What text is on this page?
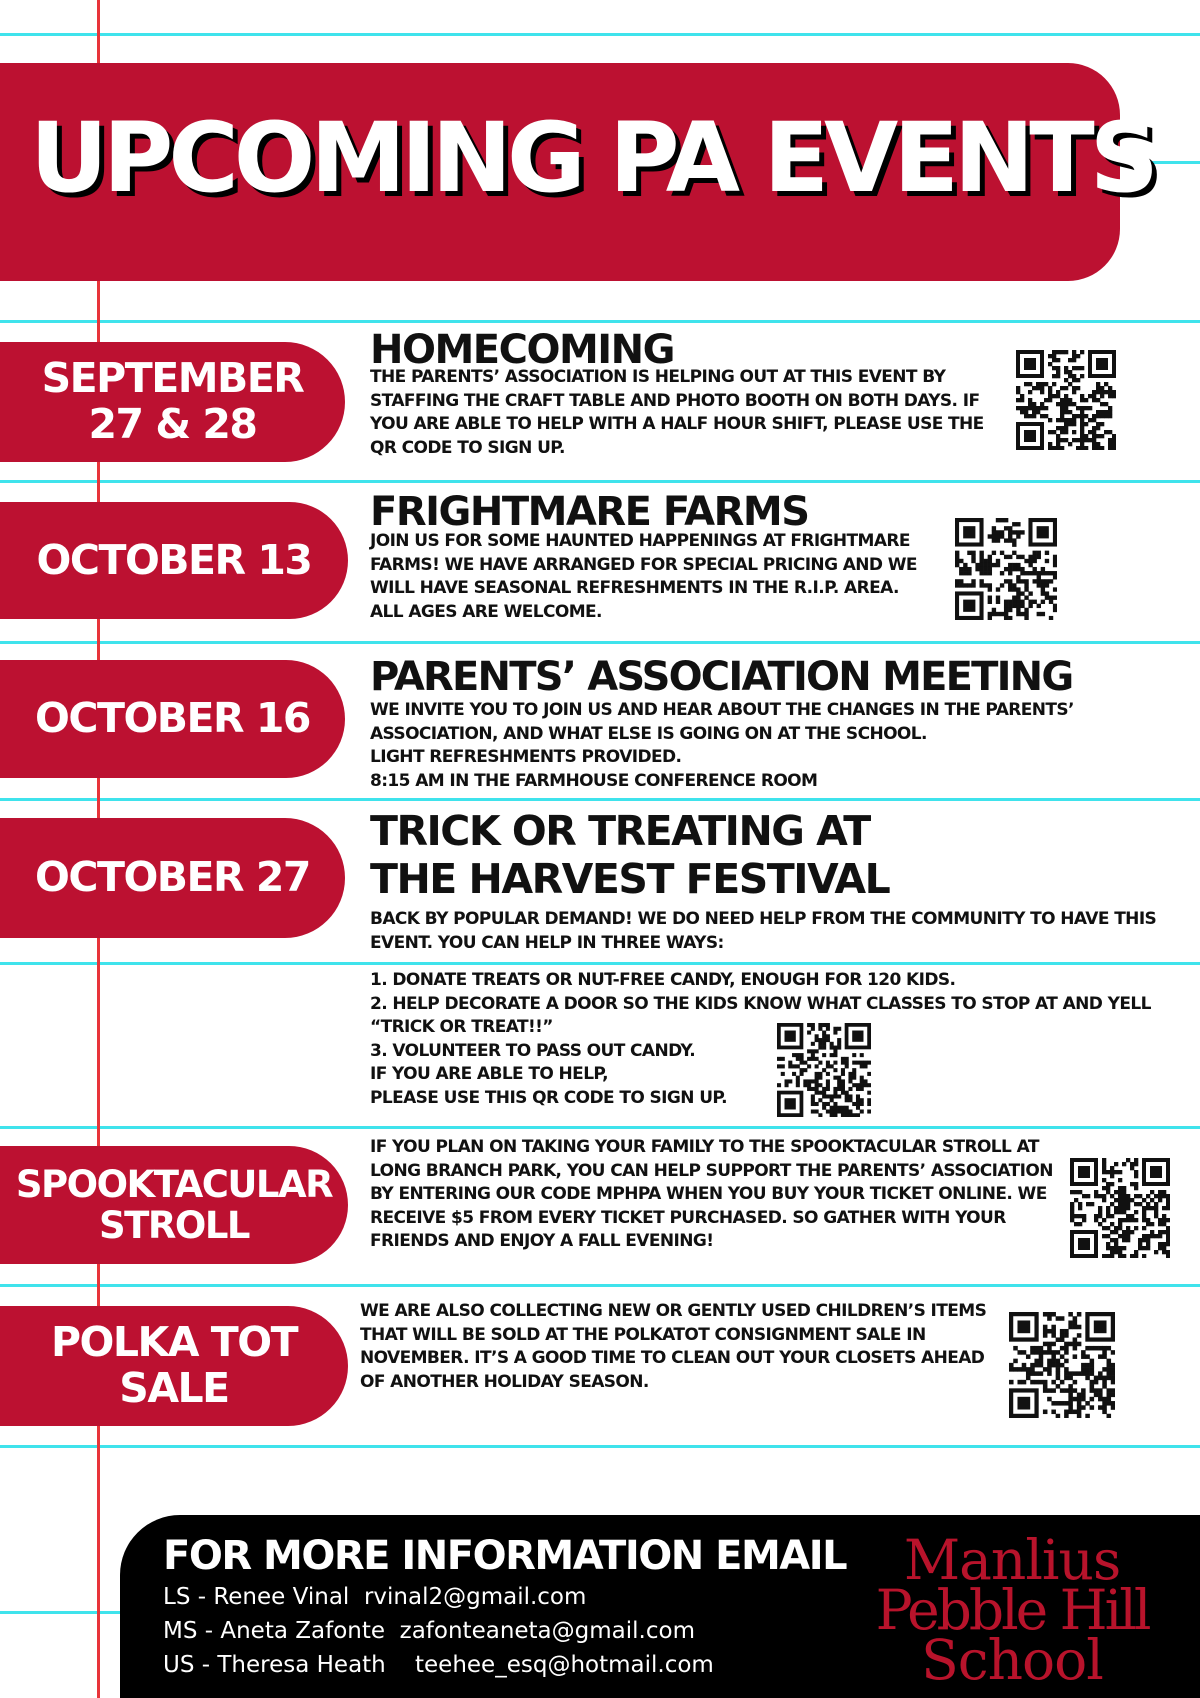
UPCOMING PA EVENTS
SEPTEMBER
27 & 28
HOMECOMING
THE PARENTS’ ASSOCIATION IS HELPING OUT AT THIS EVENT BY
STAFFING THE CRAFT TABLE AND PHOTO BOOTH ON BOTH DAYS. IF
YOU ARE ABLE TO HELP WITH A HALF HOUR SHIFT, PLEASE USE THE
QR CODE TO SIGN UP.
OCTOBER 13
FRIGHTMARE FARMS
JOIN US FOR SOME HAUNTED HAPPENINGS AT FRIGHTMARE
FARMS! WE HAVE ARRANGED FOR SPECIAL PRICING AND WE
WILL HAVE SEASONAL REFRESHMENTS IN THE R.I.P. AREA.
ALL AGES ARE WELCOME.
OCTOBER 16
PARENTS’ ASSOCIATION MEETING
WE INVITE YOU TO JOIN US AND HEAR ABOUT THE CHANGES IN THE PARENTS’
ASSOCIATION, AND WHAT ELSE IS GOING ON AT THE SCHOOL.
LIGHT REFRESHMENTS PROVIDED.
8:15 AM IN THE FARMHOUSE CONFERENCE ROOM
OCTOBER 27
TRICK OR TREATING AT
THE HARVEST FESTIVAL
BACK BY POPULAR DEMAND! WE DO NEED HELP FROM THE COMMUNITY TO HAVE THIS
EVENT. YOU CAN HELP IN THREE WAYS:
1. DONATE TREATS OR NUT-FREE CANDY, ENOUGH FOR 120 KIDS.
2. HELP DECORATE A DOOR SO THE KIDS KNOW WHAT CLASSES TO STOP AT AND YELL
“TRICK OR TREAT!!”
3. VOLUNTEER TO PASS OUT CANDY.
IF YOU ARE ABLE TO HELP,
PLEASE USE THIS QR CODE TO SIGN UP.
SPOOKTACULAR
STROLL
IF YOU PLAN ON TAKING YOUR FAMILY TO THE SPOOKTACULAR STROLL AT
LONG BRANCH PARK, YOU CAN HELP SUPPORT THE PARENTS’ ASSOCIATION
BY ENTERING OUR CODE MPHPA WHEN YOU BUY YOUR TICKET ONLINE. WE
RECEIVE $5 FROM EVERY TICKET PURCHASED. SO GATHER WITH YOUR
FRIENDS AND ENJOY A FALL EVENING!
POLKA TOT
SALE
WE ARE ALSO COLLECTING NEW OR GENTLY USED CHILDREN’S ITEMS
THAT WILL BE SOLD AT THE POLKATOT CONSIGNMENT SALE IN
NOVEMBER. IT’S A GOOD TIME TO CLEAN OUT YOUR CLOSETS AHEAD
OF ANOTHER HOLIDAY SEASON.
FOR MORE INFORMATION EMAIL
LS - Renee Vinal rvinal2@gmail.com
MS - Aneta Zafonte zafonteaneta@gmail.com
US - Theresa Heath teehee_esq@hotmail.com
Manlius
Pebble Hill
School
